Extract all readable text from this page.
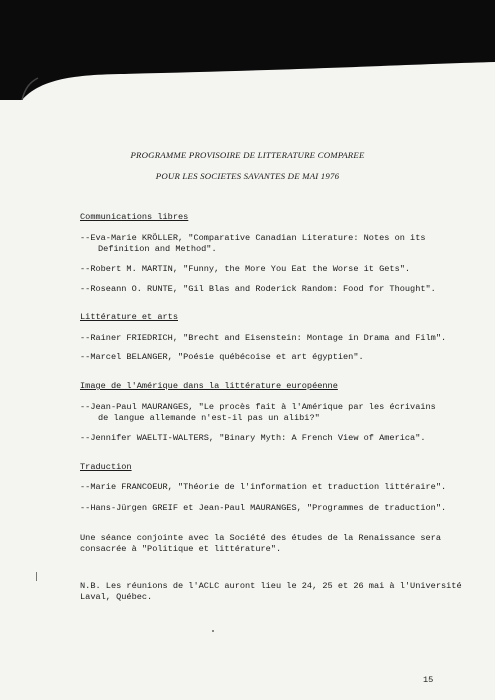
PROGRAMME PROVISOIRE DE LITTERATURE COMPAREE
POUR LES SOCIETES SAVANTES DE MAI 1976
Communications libres
--Eva-Marie KRÖLLER, "Comparative Canadian Literature: Notes on its
Definition and Method".
--Robert M. MARTIN, "Funny, the More You Eat the Worse it Gets".
--Roseann O. RUNTE, "Gil Blas and Roderick Random: Food for Thought".
Littérature et arts
--Rainer FRIEDRICH, "Brecht and Eisenstein: Montage in Drama and Film".
--Marcel BELANGER, "Poésie québécoise et art égyptien".
Image de l'Amérique dans la littérature européenne
--Jean-Paul MAURANGES, "Le procès fait à l'Amérique par les écrivains
de langue allemande n'est-il pas un alibi?"
--Jennifer WAELTI-WALTERS, "Binary Myth: A French View of America".
Traduction
--Marie FRANCOEUR, "Théorie de l'information et traduction littéraire".
--Hans-Jürgen GREIF et Jean-Paul MAURANGES, "Programmes de traduction".
Une séance conjointe avec la Société des études de la Renaissance sera
consacrée à "Politique et littérature".
N.B. Les réunions de l'ACLC auront lieu le 24, 25 et 26 mai à l'Université
Laval, Québec.
15
